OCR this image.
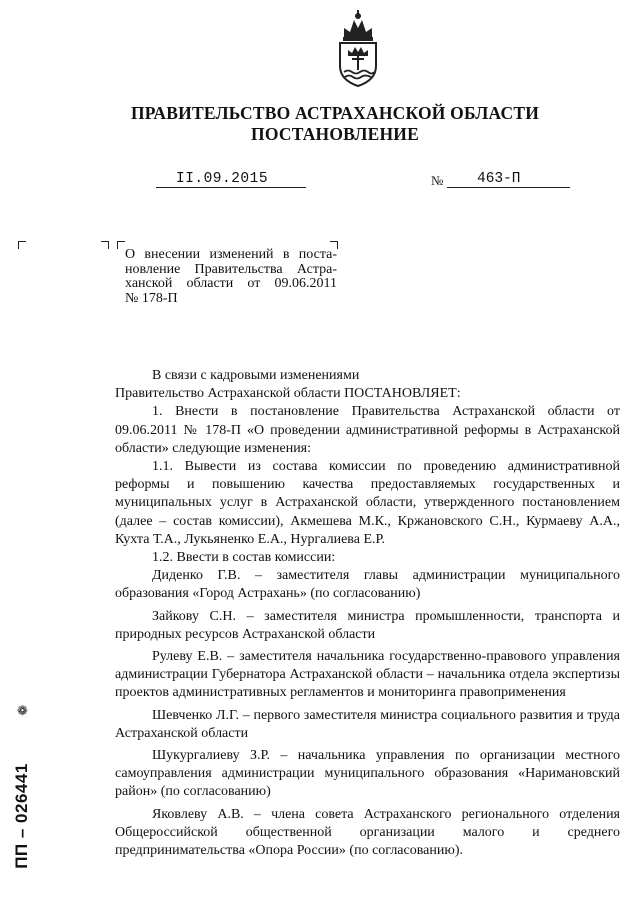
ПРАВИТЕЛЬСТВО АСТРАХАНСКОЙ ОБЛАСТИ
ПОСТАНОВЛЕНИЕ
II.09.2015	№ 463-П
О внесении изменений в поста-
новление Правительства Астра-
ханской области от 09.06.2011
№ 178-П

В связи с кадровыми изменениями

Правительство Астраханской области ПОСТАНОВЛЯЕТ:

1. Внести в постановление Правительства Астраханской области от 09.06.2011 № 178-П «О проведении административной реформы в Астраханской области» следующие изменения:

1.1. Вывести из состава комиссии по проведению административной реформы и повышению качества предоставляемых государственных и муниципальных услуг в Астраханской области, утвержденного постановлением (далее – состав комиссии), Акмешева М.К., Кржановского С.Н., Курмаеву А.А., Кухта Т.А., Лукьяненко Е.А., Нургалиева Е.Р.

1.2. Ввести в состав комиссии:

Диденко Г.В. – заместителя главы администрации муниципального образования «Город Астрахань» (по согласованию)

Зайкову С.Н. – заместителя министра промышленности, транспорта и природных ресурсов Астраханской области

Рулеву Е.В. – заместителя начальника государственно-правового управления администрации Губернатора Астраханской области – начальника отдела экспертизы проектов административных регламентов и мониторинга правоприменения

Шевченко Л.Г. – первого заместителя министра социального развития и труда Астраханской области

Шукургалиеву З.Р. – начальника управления по организации местного самоуправления администрации муниципального образования «Наримановский район» (по согласованию)

Яковлеву А.В. – члена совета Астраханского регионального отделения Общероссийской общественной организации малого и среднего предпринимательства «Опора России» (по согласованию).

❁
ПП – 026441
